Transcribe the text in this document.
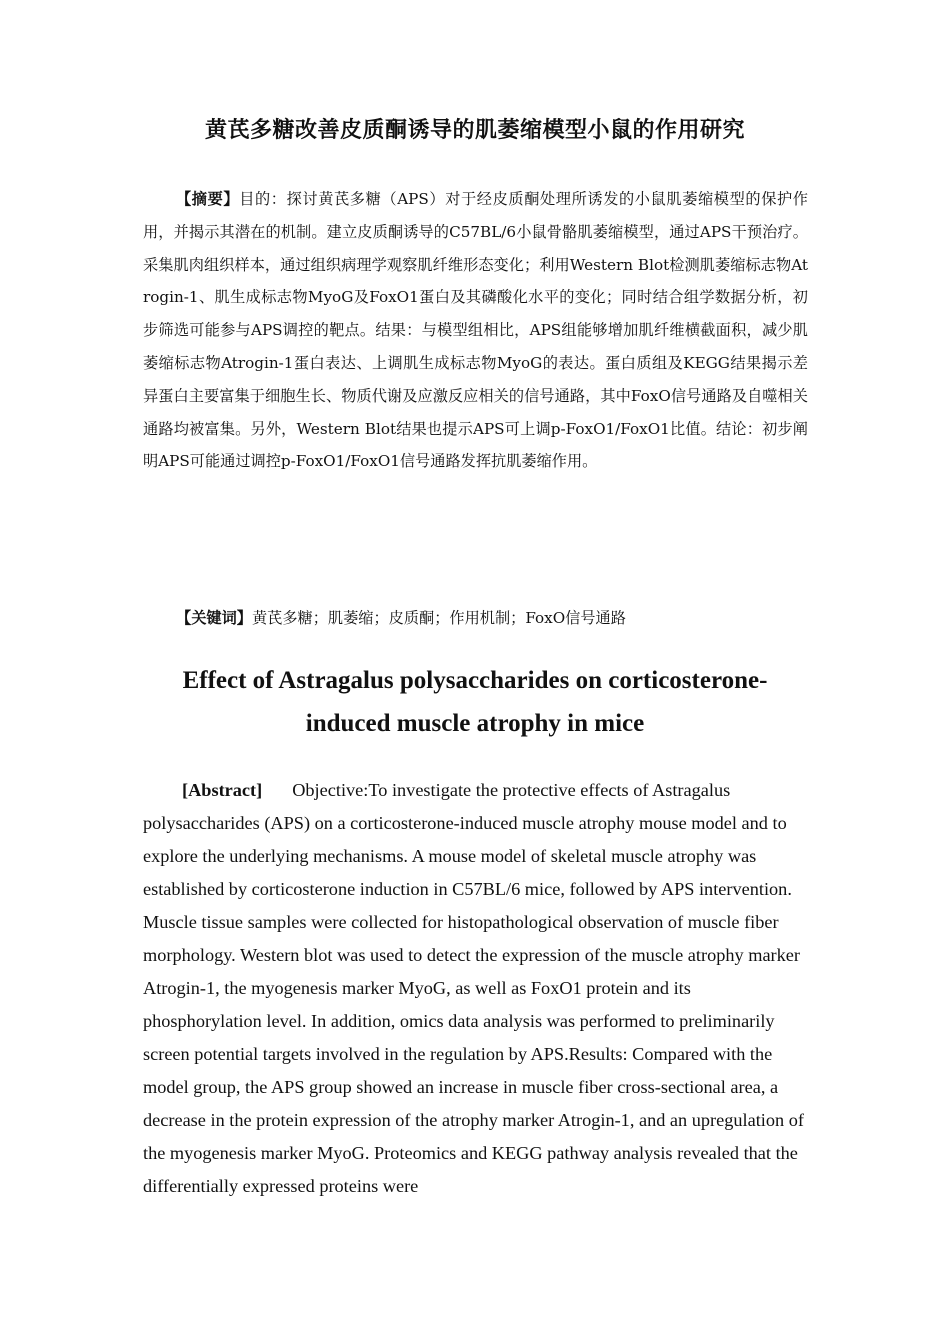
黄芪多糖改善皮质酮诱导的肌萎缩模型小鼠的作用研究
【摘要】目的：探讨黄芪多糖（APS）对于经皮质酮处理所诱发的小鼠肌萎缩模型的保护作用，并揭示其潜在的机制。建立皮质酮诱导的C57BL/6小鼠骨骼肌萎缩模型，通过APS干预治疗。采集肌肉组织样本，通过组织病理学观察肌纤维形态变化；利用Western Blot检测肌萎缩标志物Atrogin-1、肌生成标志物MyoG及FoxO1蛋白及其磷酸化水平的变化；同时结合组学数据分析，初步筛选可能参与APS调控的靶点。结果：与模型组相比，APS组能够增加肌纤维横截面积，减少肌萎缩标志物Atrogin-1蛋白表达、上调肌生成标志物MyoG的表达。蛋白质组及KEGG结果揭示差异蛋白主要富集于细胞生长、物质代谢及应激反应相关的信号通路，其中FoxO信号通路及自噬相关通路均被富集。另外，Western Blot结果也提示APS可上调p-FoxO1/FoxO1比值。结论：初步阐明APS可能通过调控p-FoxO1/FoxO1信号通路发挥抗肌萎缩作用。
【关键词】黄芪多糖；肌萎缩；皮质酮；作用机制；FoxO信号通路
Effect of Astragalus polysaccharides on corticosterone-induced muscle atrophy in mice
[Abstract] Objective:To investigate the protective effects of Astragalus polysaccharides (APS) on a corticosterone-induced muscle atrophy mouse model and to explore the underlying mechanisms. A mouse model of skeletal muscle atrophy was established by corticosterone induction in C57BL/6 mice, followed by APS intervention. Muscle tissue samples were collected for histopathological observation of muscle fiber morphology. Western blot was used to detect the expression of the muscle atrophy marker Atrogin-1, the myogenesis marker MyoG, as well as FoxO1 protein and its phosphorylation level. In addition, omics data analysis was performed to preliminarily screen potential targets involved in the regulation by APS.Results: Compared with the model group, the APS group showed an increase in muscle fiber cross-sectional area, a decrease in the protein expression of the atrophy marker Atrogin-1, and an upregulation of the myogenesis marker MyoG. Proteomics and KEGG pathway analysis revealed that the differentially expressed proteins were
